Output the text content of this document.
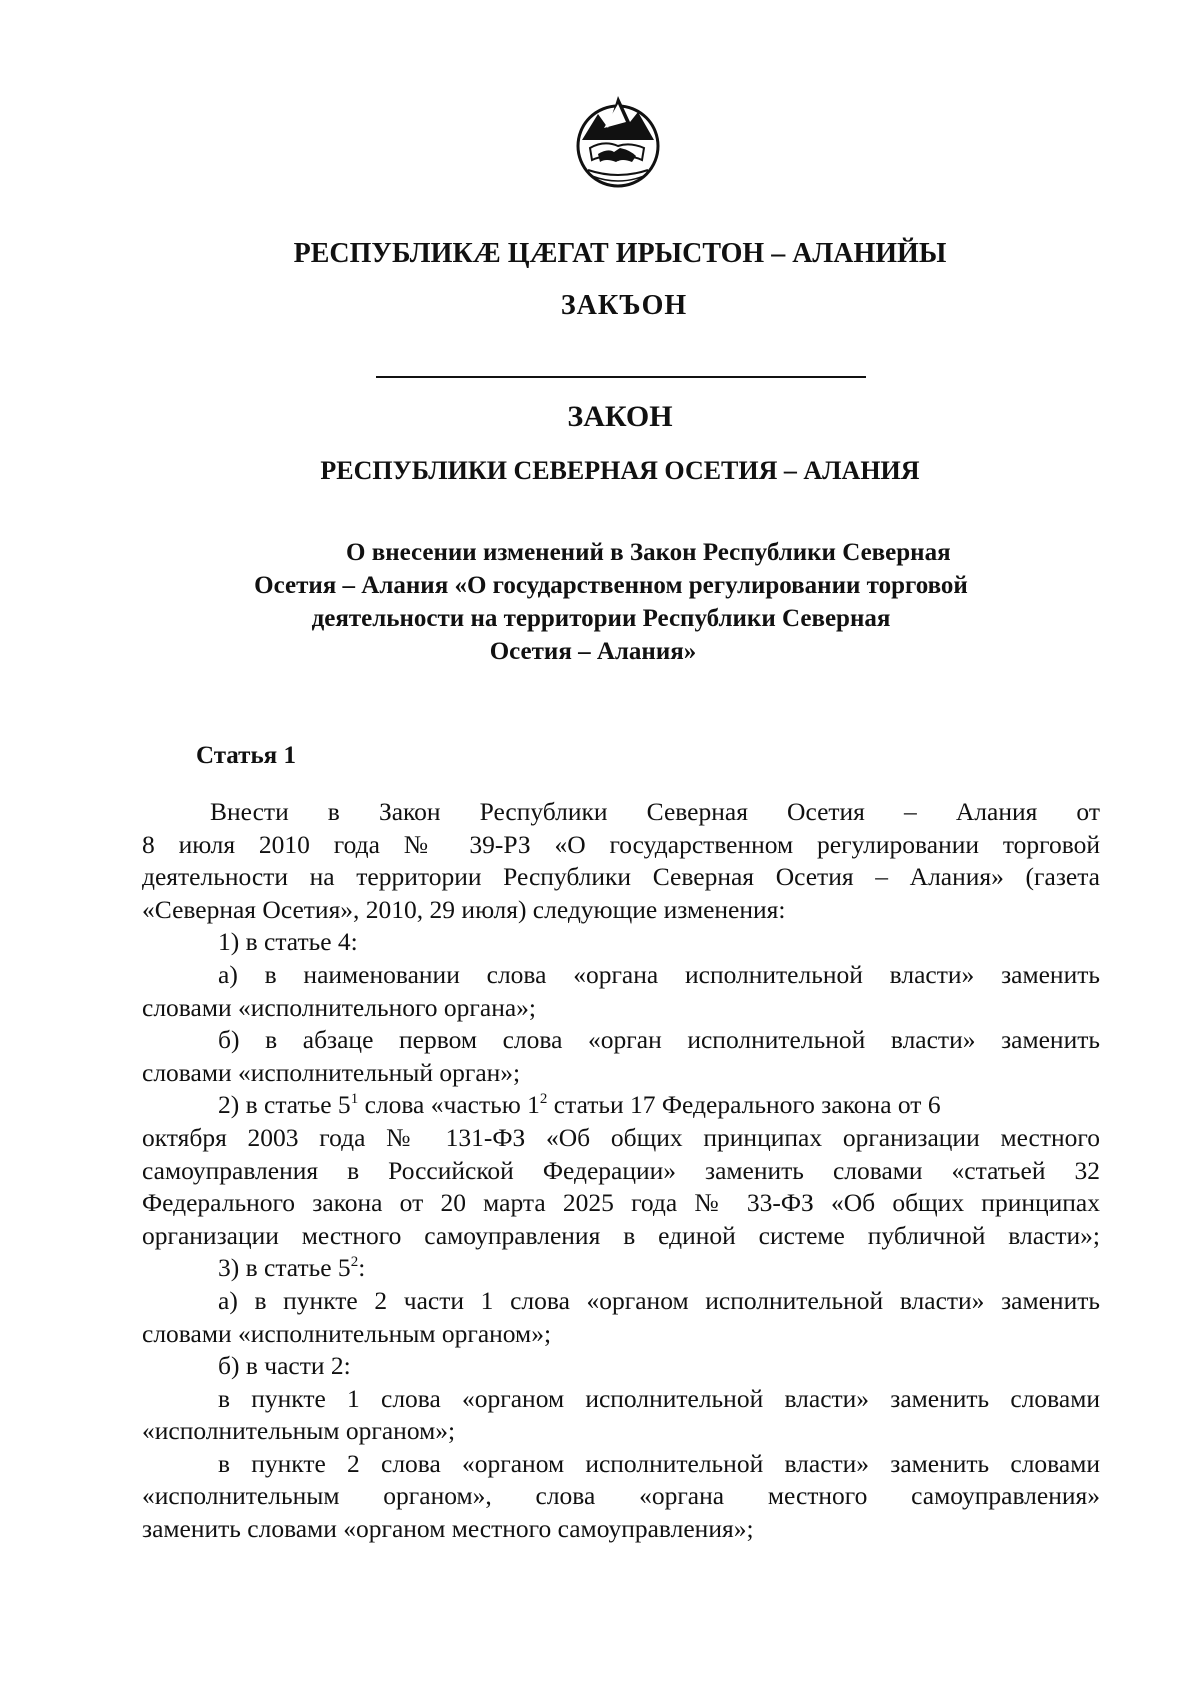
РЕСПУБЛИКӔ ЦӔГАТ ИРЫСТОН – АЛАНИЙЫ
ЗАКЪОН
ЗАКОН
РЕСПУБЛИКИ СЕВЕРНАЯ ОСЕТИЯ – АЛАНИЯ
О внесении изменений в Закон Республики Северная
Осетия – Алания «О государственном регулировании торговой
деятельности на территории Республики Северная
Осетия – Алания»
Статья 1
Внести в Закон Республики Северная Осетия – Алания от
8 июля 2010 года № 39-РЗ «О государственном регулировании торговой
деятельности на территории Республики Северная Осетия – Алания» (газета
«Северная Осетия», 2010, 29 июля) следующие изменения:
1) в статье 4:
а) в наименовании слова «органа исполнительной власти» заменить
словами «исполнительного органа»;
б) в абзаце первом слова «орган исполнительной власти» заменить
словами «исполнительный орган»;
2) в статье $5^1$ слова «частью $1^2$ статьи 17 Федерального закона от 6
октября 2003 года № 131-ФЗ «Об общих принципах организации местного
самоуправления в Российской Федерации» заменить словами «статьей 32
Федерального закона от 20 марта 2025 года № 33-ФЗ «Об общих принципах
организации местного самоуправления в единой системе публичной власти»;
3) в статье $5^2$:
а) в пункте 2 части 1 слова «органом исполнительной власти» заменить
словами «исполнительным органом»;
б) в части 2:
в пункте 1 слова «органом исполнительной власти» заменить словами
«исполнительным органом»;
в пункте 2 слова «органом исполнительной власти» заменить словами
«исполнительным органом», слова «органа местного самоуправления»
заменить словами «органом местного самоуправления»;
